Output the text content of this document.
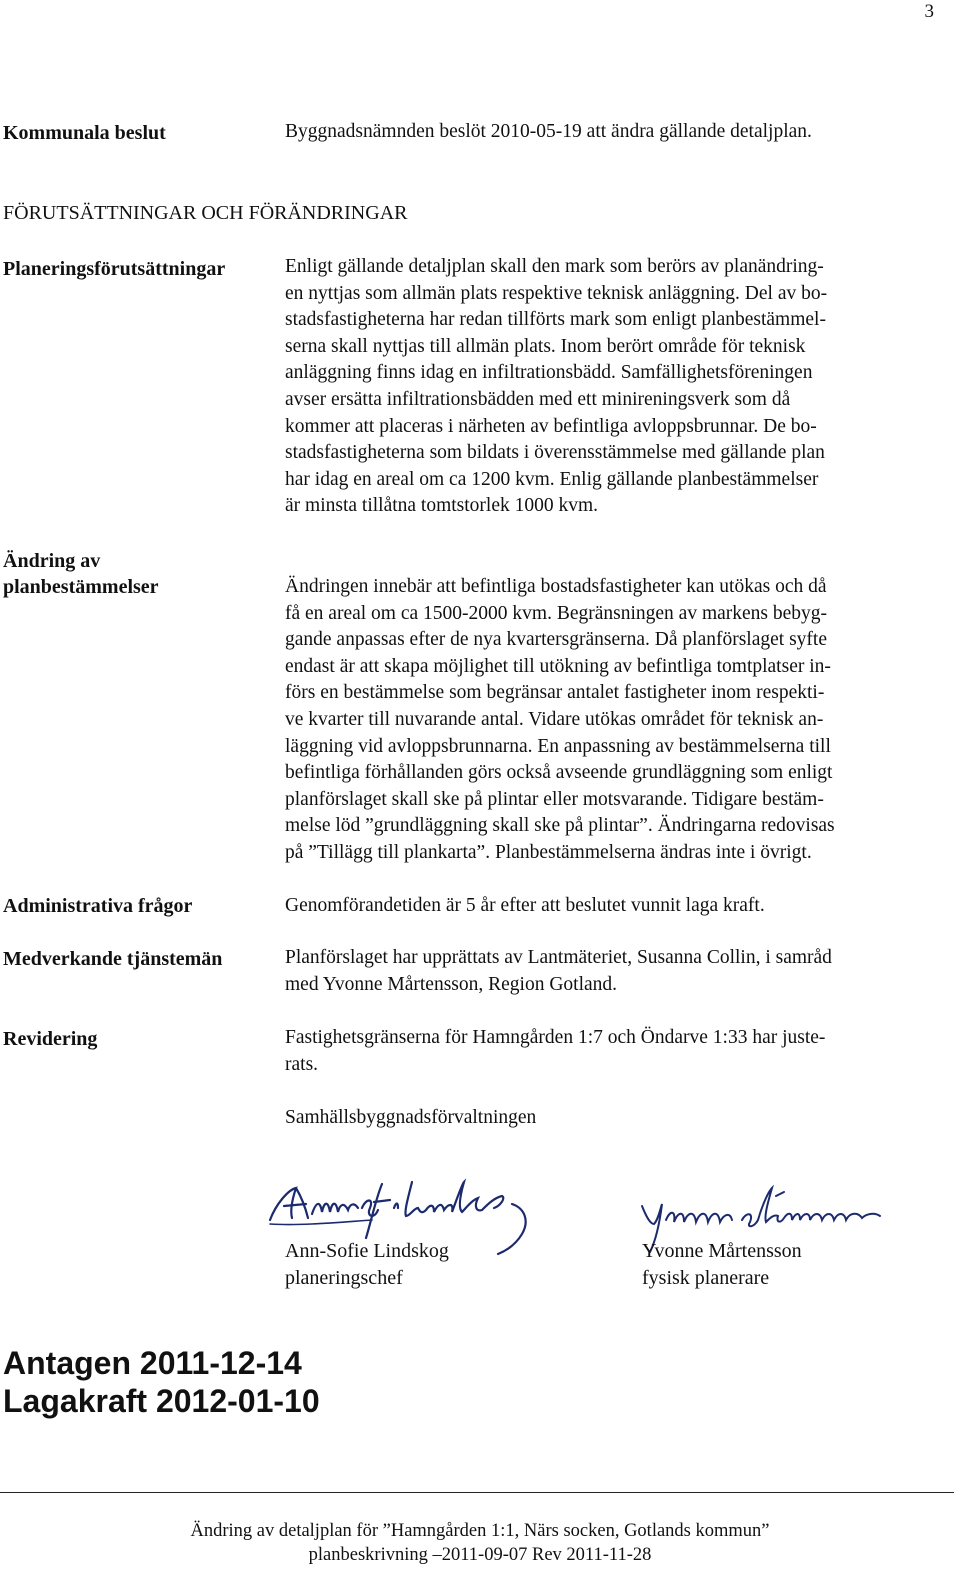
3
Kommunala beslut	Byggnadsnämnden beslöt 2010-05-19 att ändra gällande detaljplan.
FÖRUTSÄTTNINGAR OCH FÖRÄNDRINGAR
Planeringsförutsättningar	Enligt gällande detaljplan skall den mark som berörs av planändring-
en nyttjas som allmän plats respektive teknisk anläggning. Del av bo-
stadsfastigheterna har redan tillförts mark som enligt planbestämmel-
serna skall nyttjas till allmän plats. Inom berört område för teknisk
anläggning finns idag en infiltrationsbädd. Samfällighetsföreningen
avser ersätta infiltrationsbädden med ett minireningsverk som då
kommer att placeras i närheten av befintliga avloppsbrunnar. De bo-
stadsfastigheterna som bildats i överensstämmelse med gällande plan
har idag en areal om ca 1200 kvm. Enlig gällande planbestämmelser
är minsta tillåtna tomtstorlek 1000 kvm.
Ändring av
planbestämmelser	Ändringen innebär att befintliga bostadsfastigheter kan utökas och då
få en areal om ca 1500-2000 kvm. Begränsningen av markens bebyg-
gande anpassas efter de nya kvartersgränserna. Då planförslaget syfte
endast är att skapa möjlighet till utökning av befintliga tomtplatser in-
förs en bestämmelse som begränsar antalet fastigheter inom respekti-
ve kvarter till nuvarande antal. Vidare utökas området för teknisk an-
läggning vid avloppsbrunnarna. En anpassning av bestämmelserna till
befintliga förhållanden görs också avseende grundläggning som enligt
planförslaget skall ske på plintar eller motsvarande. Tidigare bestäm-
melse löd ”grundläggning skall ske på plintar”. Ändringarna redovisas
på ”Tillägg till plankarta”. Planbestämmelserna ändras inte i övrigt.
Administrativa frågor	Genomförandetiden är 5 år efter att beslutet vunnit laga kraft.
Medverkande tjänstemän	Planförslaget har upprättats av Lantmäteriet, Susanna Collin, i samråd
med Yvonne Mårtensson, Region Gotland.
Revidering	Fastighetsgränserna för Hamngården 1:7 och Öndarve 1:33 har juste-
rats.
Samhällsbyggnadsförvaltningen
Ann-Sofie Lindskog
planeringschef
Yvonne Mårtensson
fysisk planerare
Antagen 2011-12-14
Lagakraft 2012-01-10
Ändring av detaljplan för ”Hamngården 1:1, Närs socken, Gotlands kommun”
planbeskrivning –2011-09-07 Rev 2011-11-28
